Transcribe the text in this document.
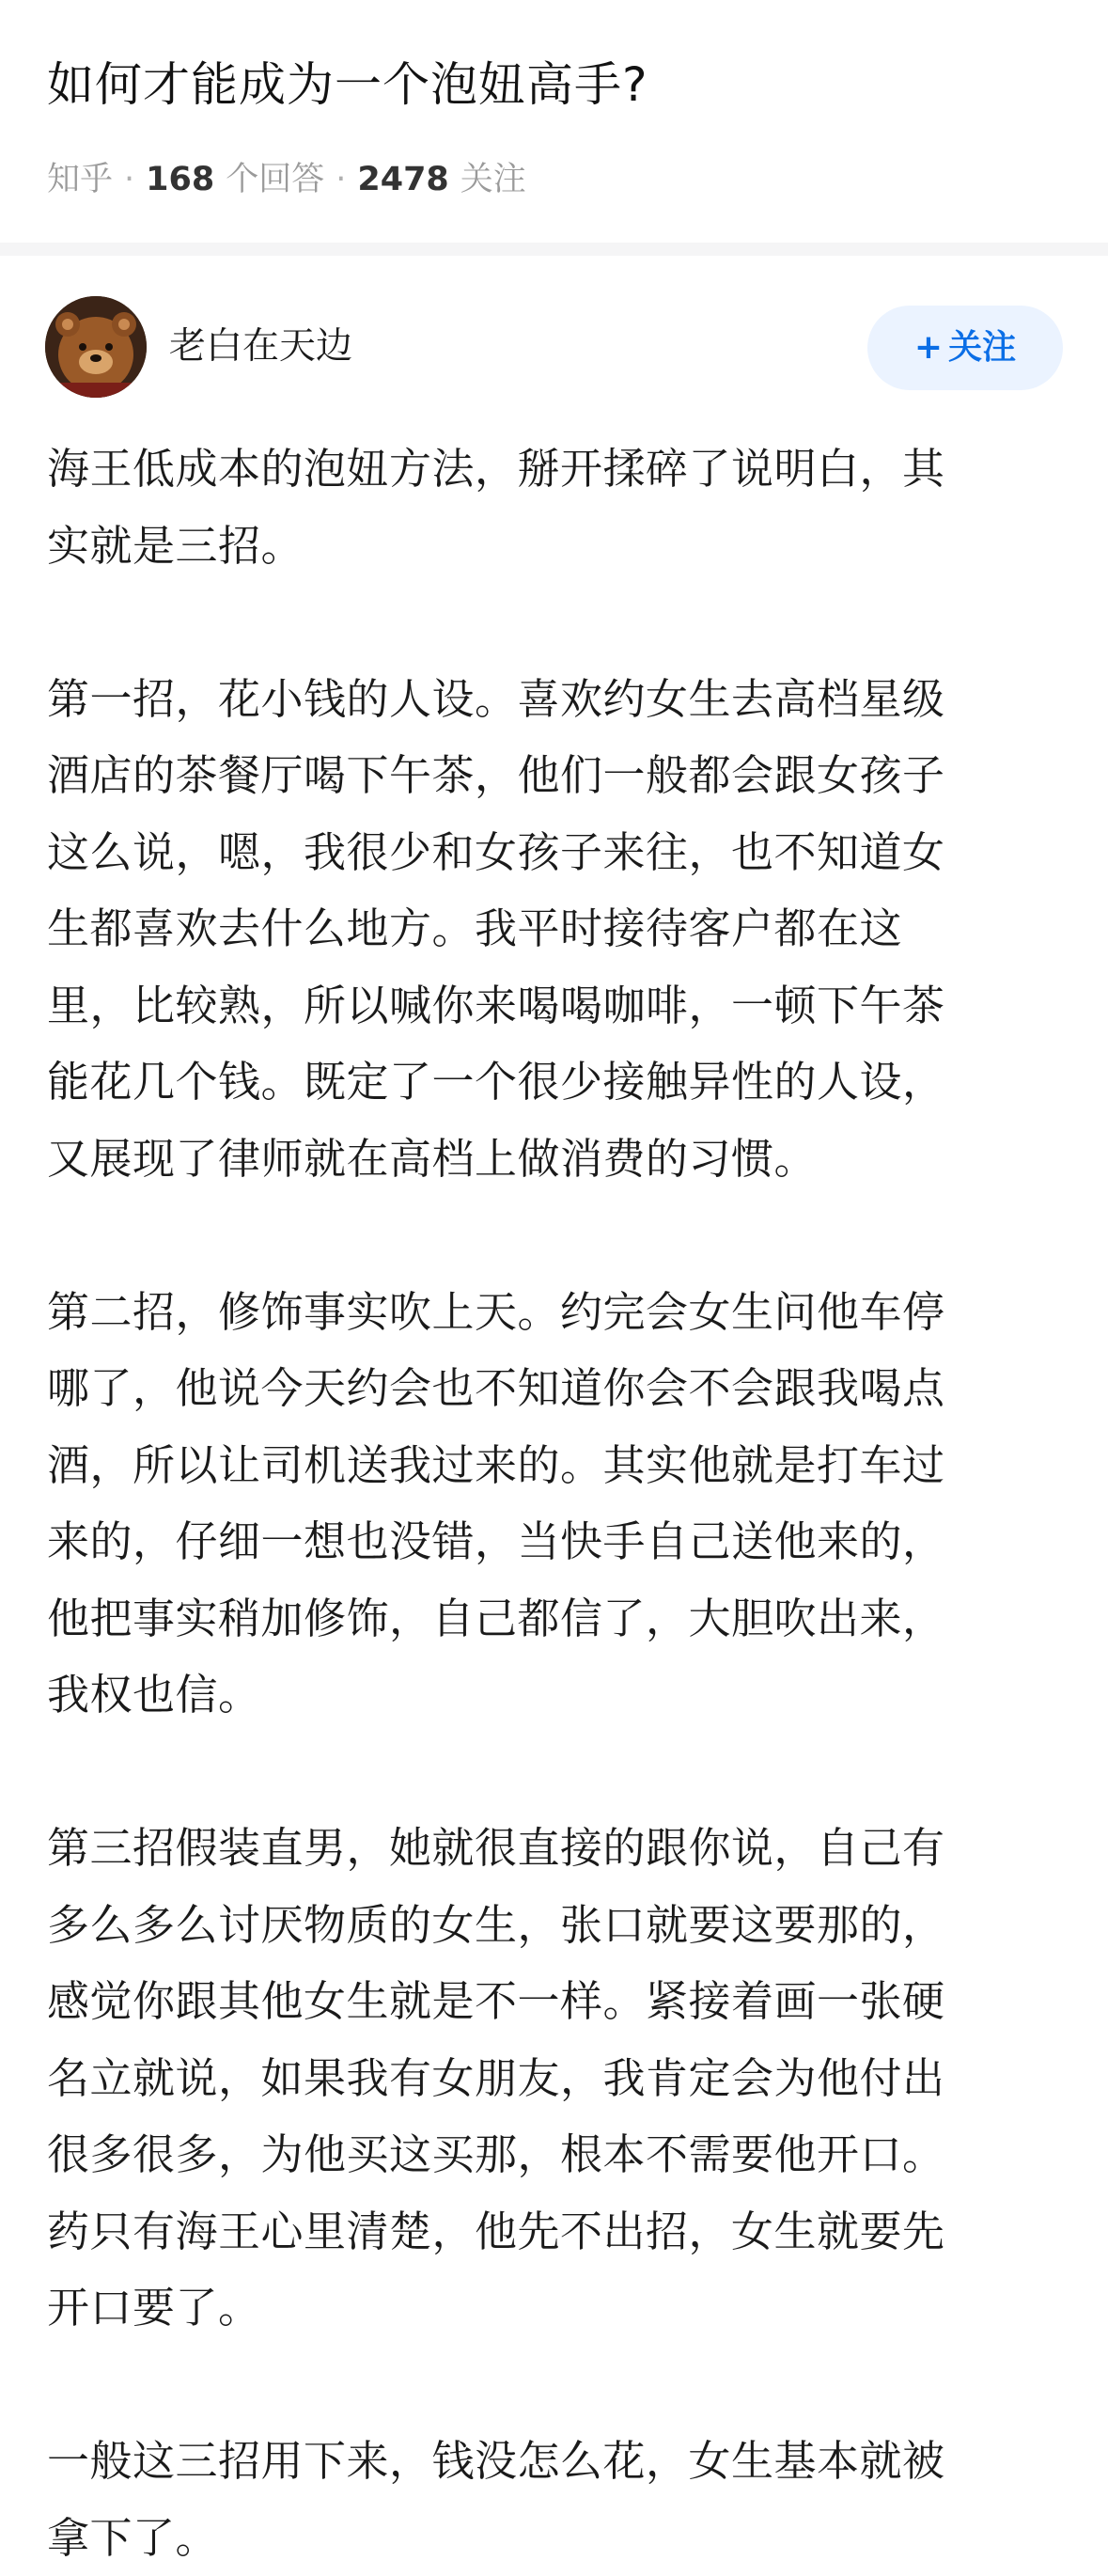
如何才能成为一个泡妞高手?
知乎 · 168 个回答 · 2478 关注
老白在天边	+ 关注

海王低成本的泡妞方法，掰开揉碎了说明白，其
实就是三招。

第一招，花小钱的人设。喜欢约女生去高档星级
酒店的茶餐厅喝下午茶，他们一般都会跟女孩子
这么说，嗯，我很少和女孩子来往，也不知道女
生都喜欢去什么地方。我平时接待客户都在这
里，比较熟，所以喊你来喝喝咖啡，一顿下午茶
能花几个钱。既定了一个很少接触异性的人设，
又展现了律师就在高档上做消费的习惯。

第二招，修饰事实吹上天。约完会女生问他车停
哪了，他说今天约会也不知道你会不会跟我喝点
酒，所以让司机送我过来的。其实他就是打车过
来的，仔细一想也没错，当快手自己送他来的，
他把事实稍加修饰，自己都信了，大胆吹出来，
我权也信。

第三招假装直男，她就很直接的跟你说，自己有
多么多么讨厌物质的女生，张口就要这要那的，
感觉你跟其他女生就是不一样。紧接着画一张硬
名立就说，如果我有女朋友，我肯定会为他付出
很多很多，为他买这买那，根本不需要他开口。
药只有海王心里清楚，他先不出招，女生就要先
开口要了。

一般这三招用下来，钱没怎么花，女生基本就被
拿下了。
